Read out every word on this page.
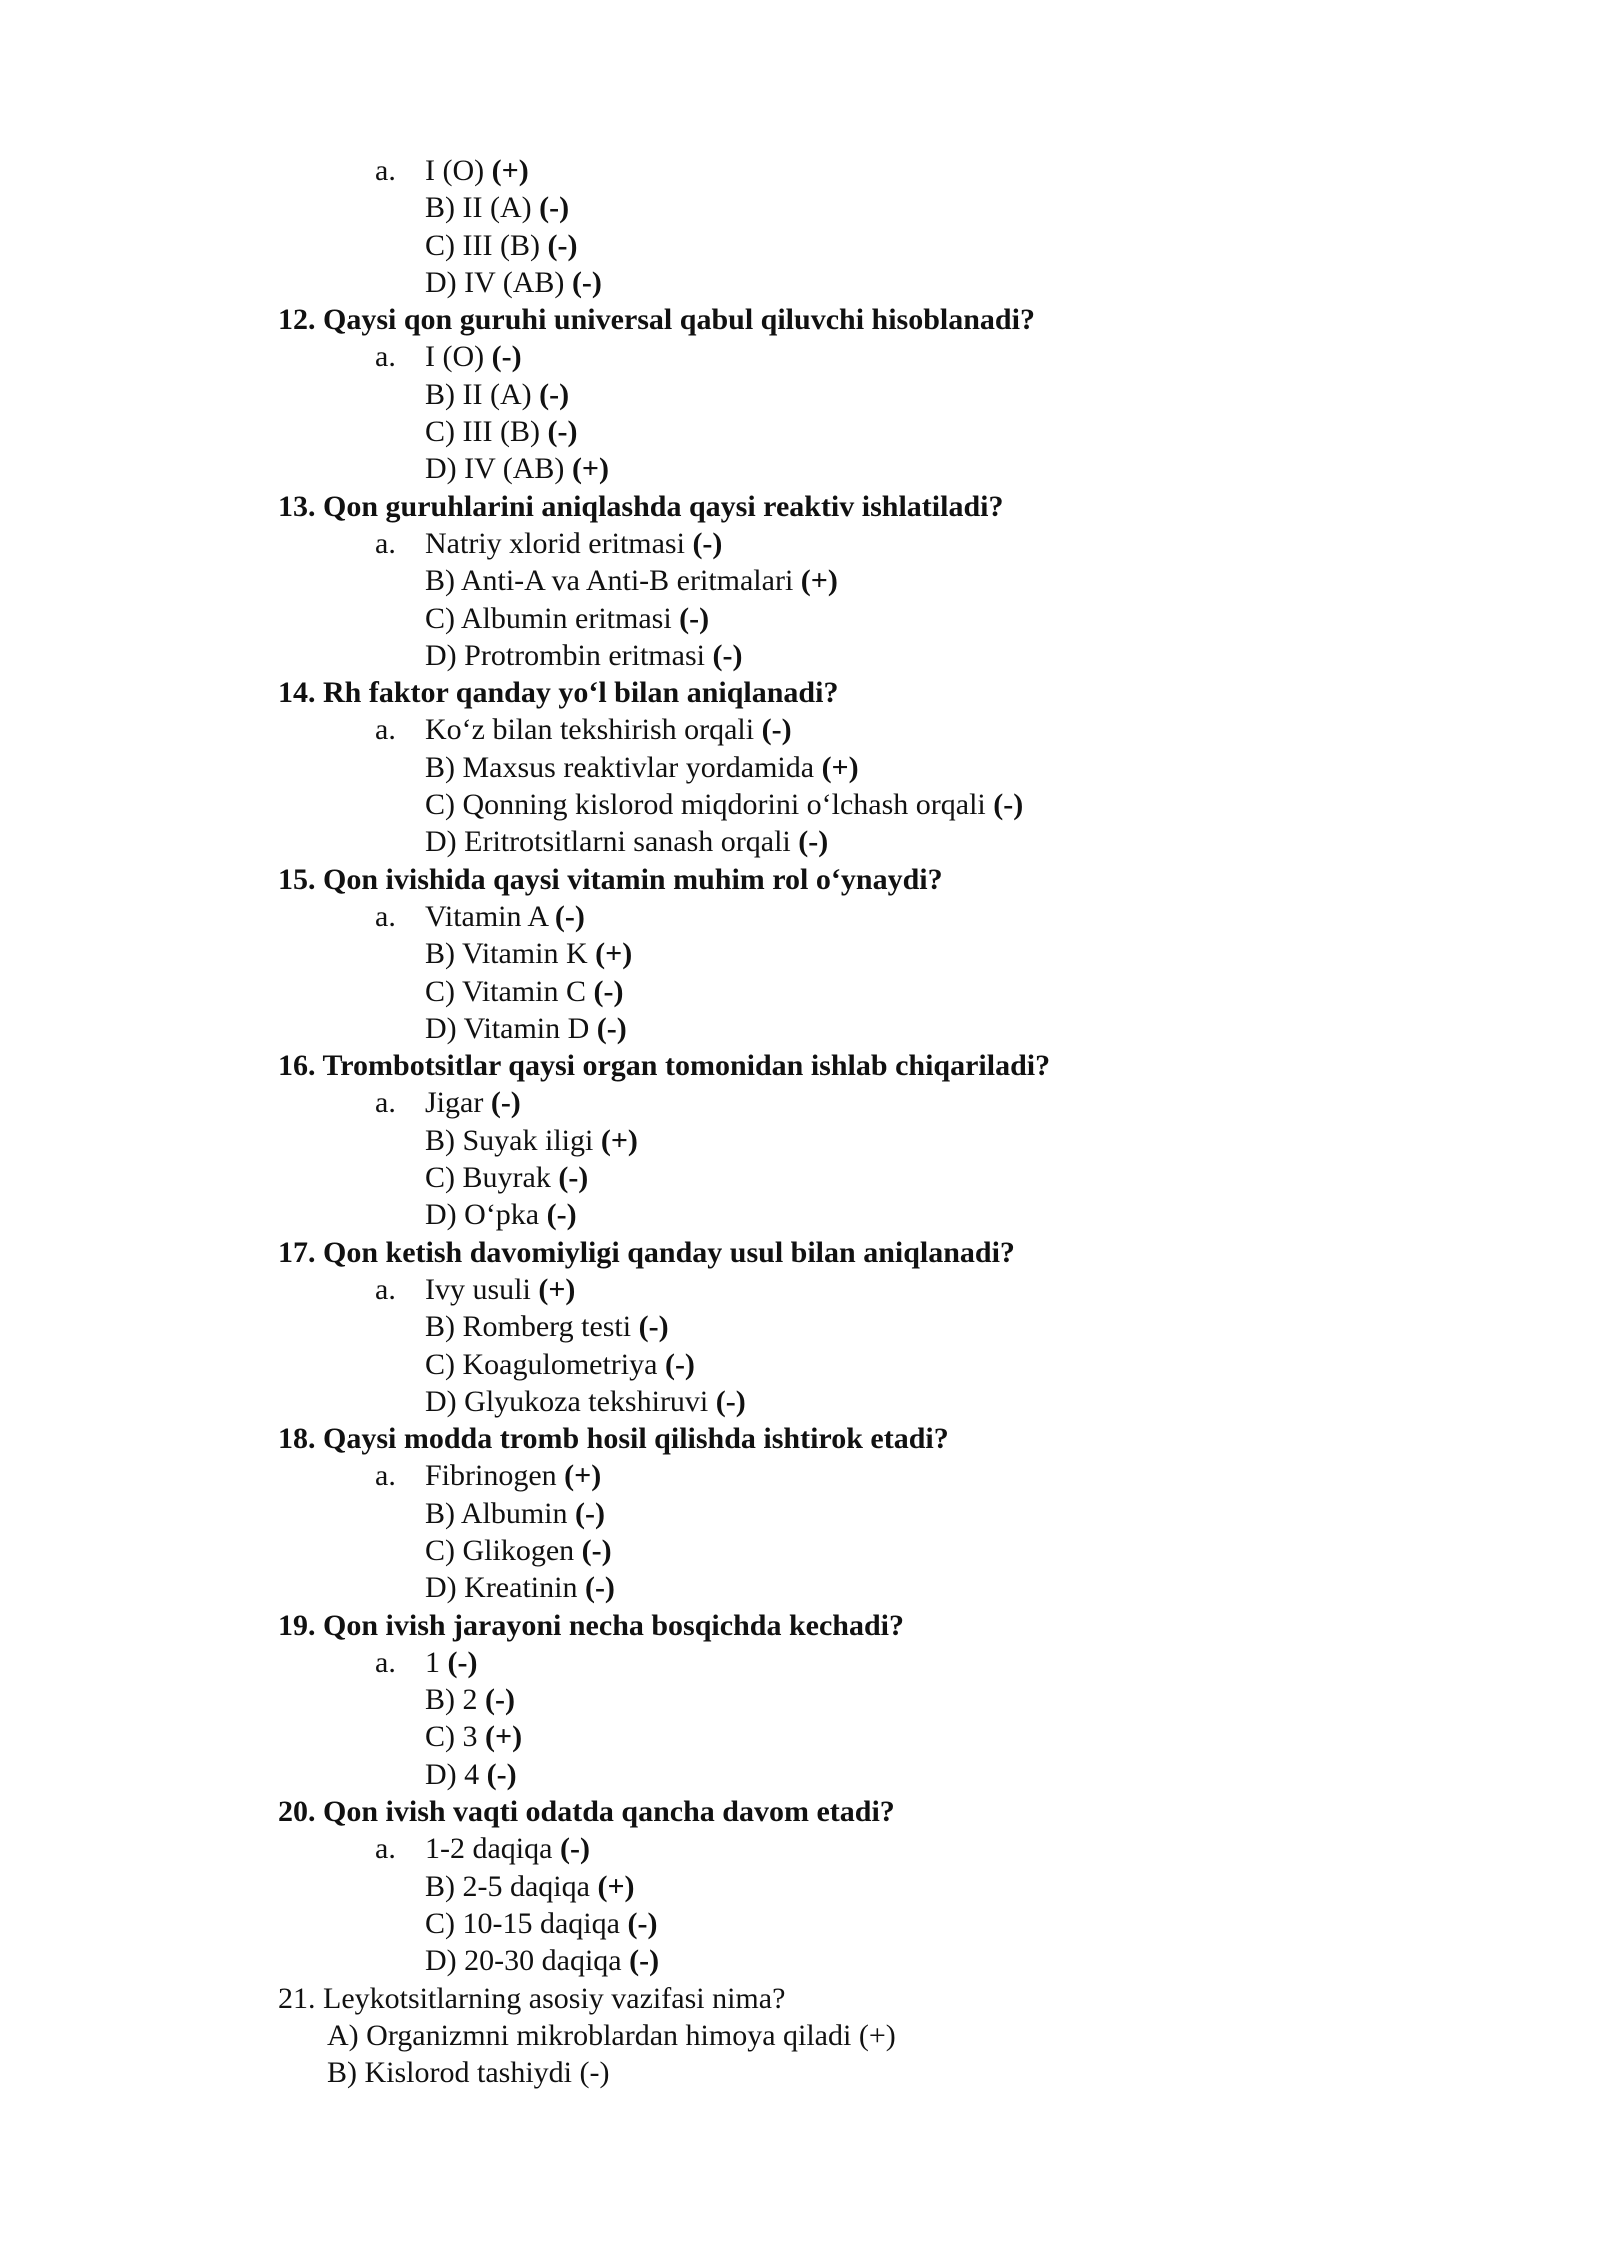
a. I (O) (+)
B) II (A) (-)
C) III (B) (-)
D) IV (AB) (-)
12. Qaysi qon guruhi universal qabul qiluvchi hisoblanadi?
a. I (O) (-)
B) II (A) (-)
C) III (B) (-)
D) IV (AB) (+)
13. Qon guruhlarini aniqlashda qaysi reaktiv ishlatiladi?
a. Natriy xlorid eritmasi (-)
B) Anti-A va Anti-B eritmalari (+)
C) Albumin eritmasi (-)
D) Protrombin eritmasi (-)
14. Rh faktor qanday yo‘l bilan aniqlanadi?
a. Ko‘z bilan tekshirish orqali (-)
B) Maxsus reaktivlar yordamida (+)
C) Qonning kislorod miqdorini o‘lchash orqali (-)
D) Eritrotsitlarni sanash orqali (-)
15. Qon ivishida qaysi vitamin muhim rol o‘ynaydi?
a. Vitamin A (-)
B) Vitamin K (+)
C) Vitamin C (-)
D) Vitamin D (-)
16. Trombotsitlar qaysi organ tomonidan ishlab chiqariladi?
a. Jigar (-)
B) Suyak iligi (+)
C) Buyrak (-)
D) O‘pka (-)
17. Qon ketish davomiyligi qanday usul bilan aniqlanadi?
a. Ivy usuli (+)
B) Romberg testi (-)
C) Koagulometriya (-)
D) Glyukoza tekshiruvi (-)
18. Qaysi modda tromb hosil qilishda ishtirok etadi?
a. Fibrinogen (+)
B) Albumin (-)
C) Glikogen (-)
D) Kreatinin (-)
19. Qon ivish jarayoni necha bosqichda kechadi?
a. 1 (-)
B) 2 (-)
C) 3 (+)
D) 4 (-)
20. Qon ivish vaqti odatda qancha davom etadi?
a. 1-2 daqiqa (-)
B) 2-5 daqiqa (+)
C) 10-15 daqiqa (-)
D) 20-30 daqiqa (-)
21. Leykotsitlarning asosiy vazifasi nima?
A) Organizmni mikroblardan himoya qiladi (+)
B) Kislorod tashiydi (-)
